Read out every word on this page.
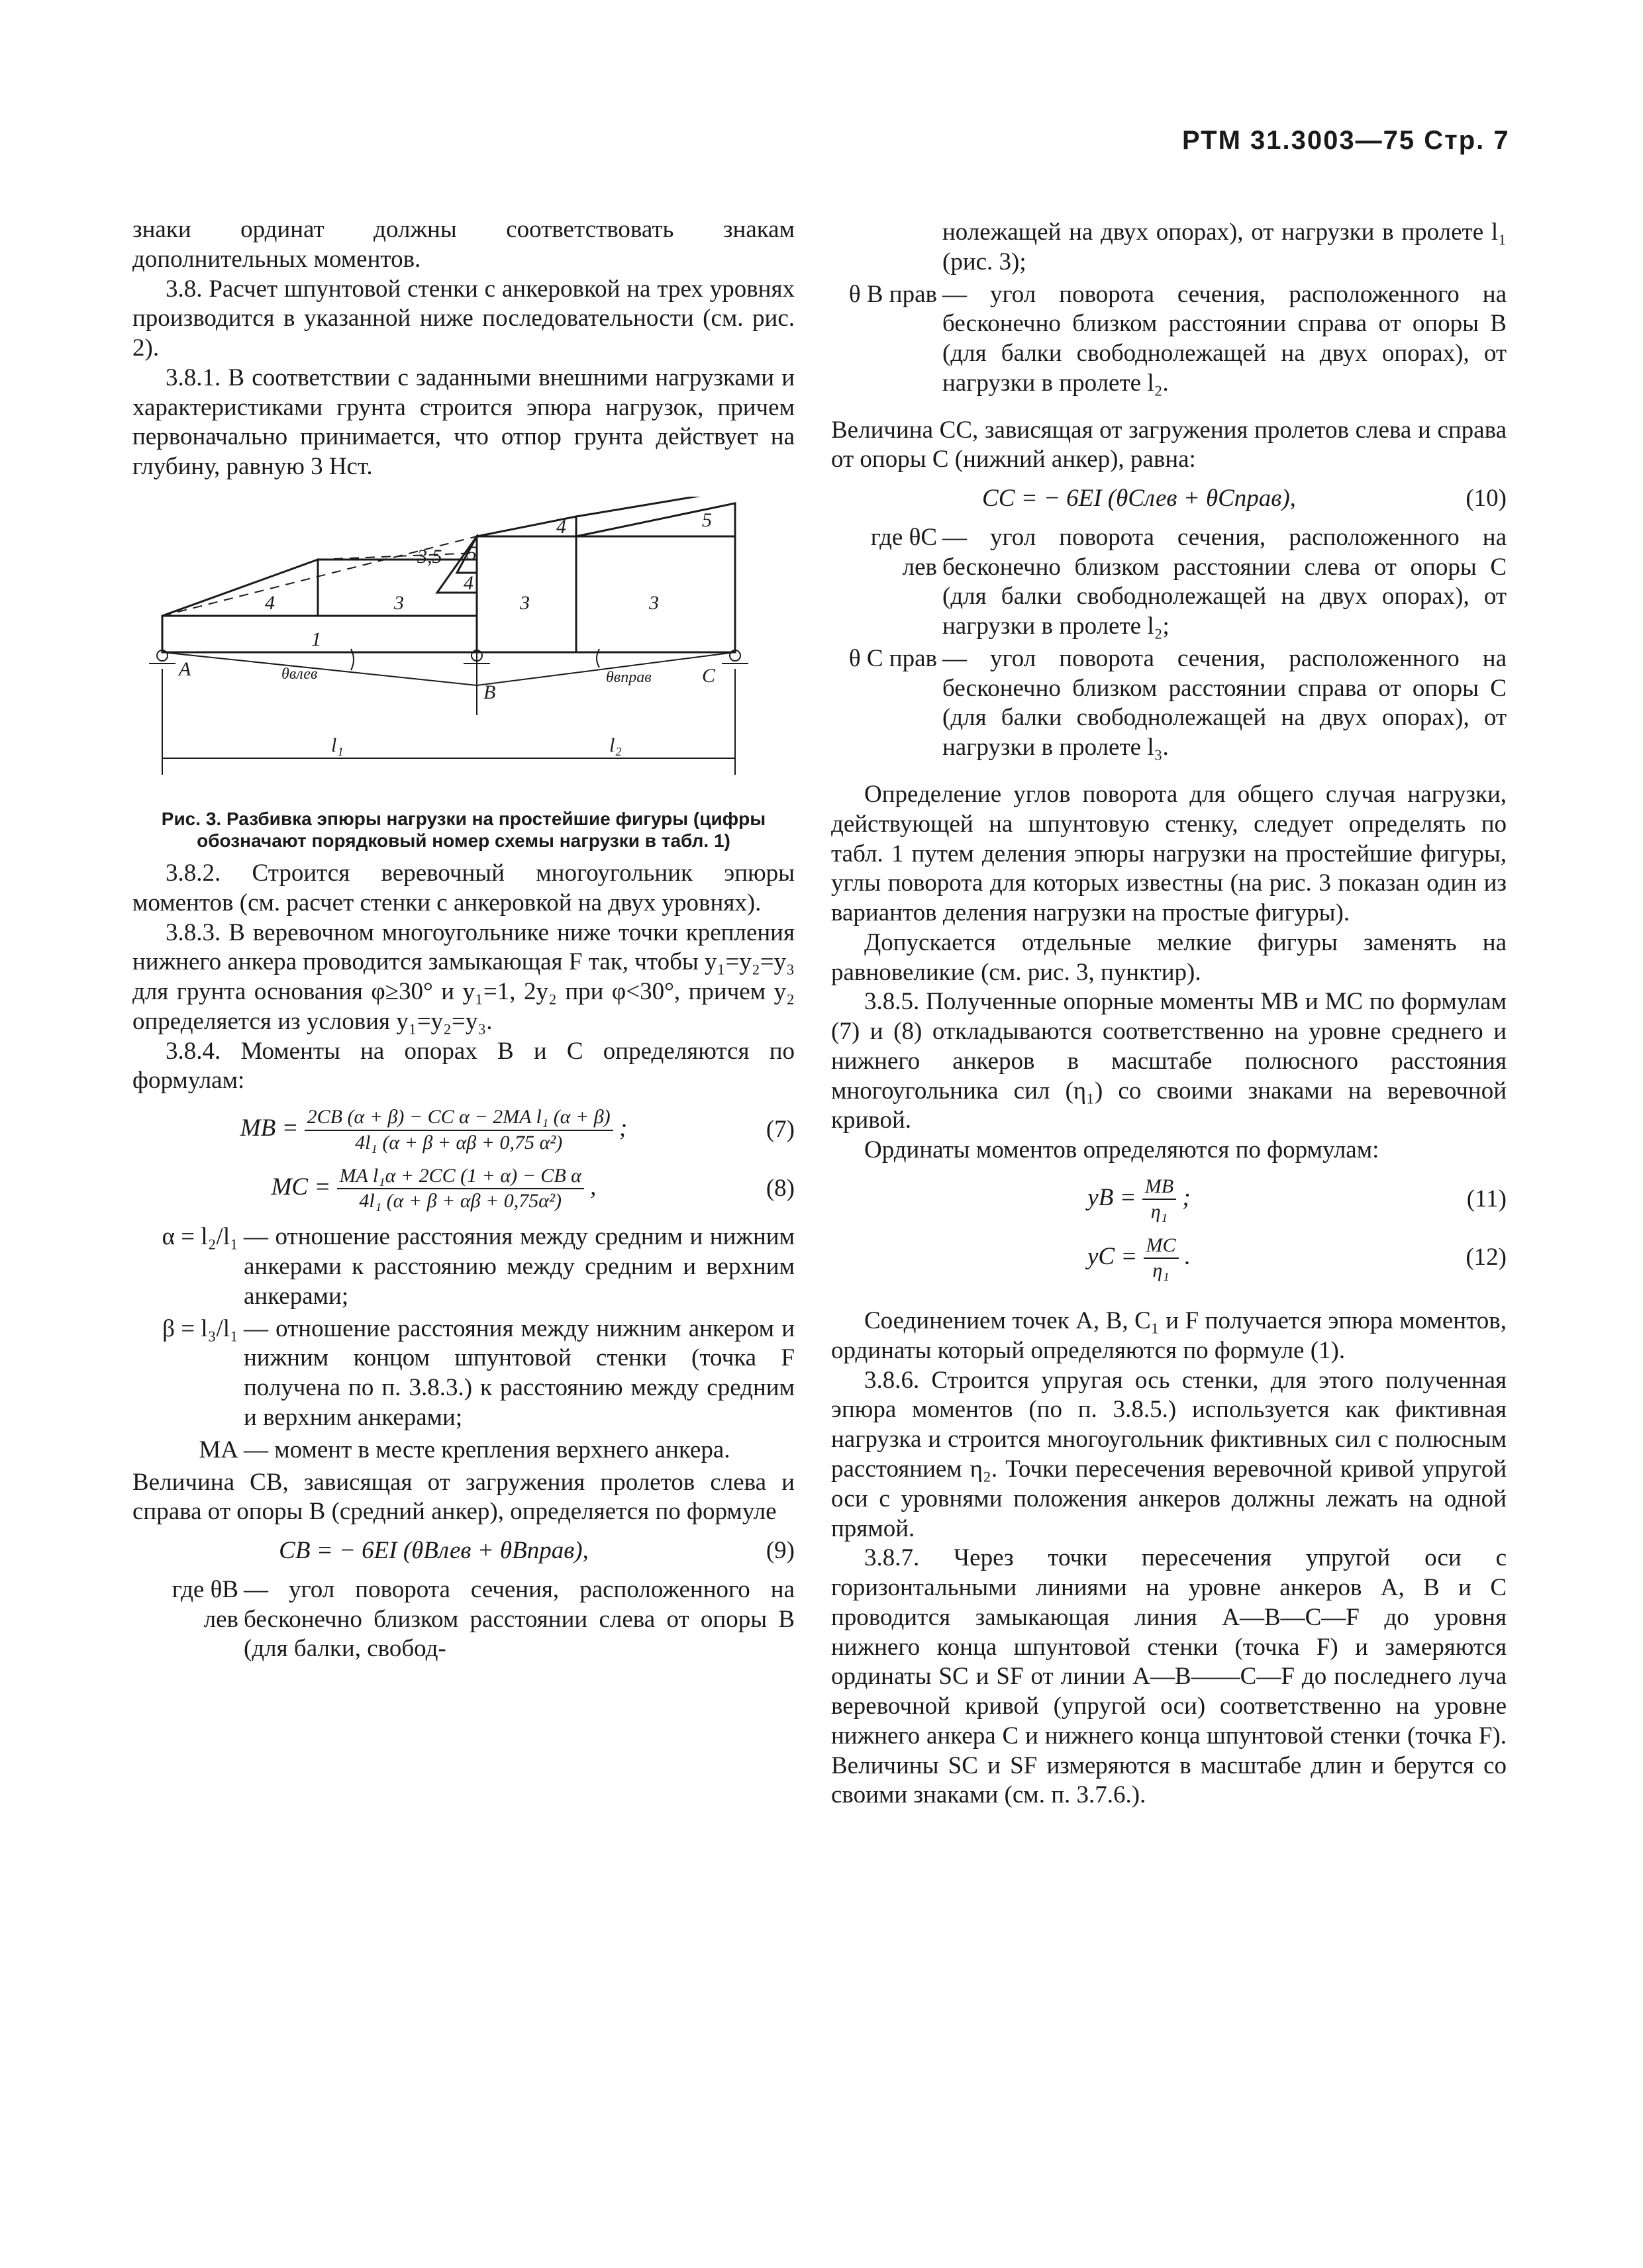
РТМ 31.3003—75 Стр. 7

знаки ординат должны соответствовать знакам дополнительных моментов.

3.8. Расчет шпунтовой стенки с анкеровкой на трех уровнях производится в указанной ниже последовательности (см. рис. 2).

3.8.1. В соответствии с заданными внешними нагрузками и характеристиками грунта строится эпюра нагрузок, причем первоначально принимается, что отпор грунта действует на глубину, равную 3 Hст.

1
4	3	3	3
4	5
3,5
4
5
A
B
C
θвлев	θвправ
l₁	l₂
Рис. 3. Разбивка эпюры нагрузки на простейшие фигуры (цифры обозначают порядковый номер схемы нагрузки в табл. 1)

3.8.2. Строится веревочный многоугольник эпюры моментов (см. расчет стенки с анкеровкой на двух уровнях).

3.8.3. В веревочном многоугольнике ниже точки крепления нижнего анкера проводится замыкающая F так, чтобы y₁=y₂=y₃ для грунта основания φ≥30° и y₁=1, 2y₂ при φ<30°, причем y₂ определяется из условия y₁=y₂=y₃.

3.8.4. Моменты на опорах B и C определяются по формулам:

MB = $\frac{\text{2CB (α + β) − CC α − 2MA l₁ (α + β)}}{\text{4l₁ (α + β + αβ + 0,75 α²)}}$ ;	(7)
MC = $\frac{\text{MA l₁α + 2CC (1 + α) − CB α}}{\text{4l₁ (α + β + αβ + 0,75α²)}}$ ,	(8)
α = l₂/l₁ — отношение расстояния между средним и нижним анкерами к расстоянию между средним и верхним анкерами;
β = l₃/l₁ — отношение расстояния между нижним анкером и нижним концом шпунтовой стенки (точка F получена по п. 3.8.3.) к расстоянию между средним и верхним анкерами;
MA — момент в месте крепления верхнего анкера.

Величина CB, зависящая от загружения пролетов слева и справа от опоры B (средний анкер), определяется по формуле

CB = − 6EI (θBлев + θBправ),	(9)
где θB лев
— угол поворота сечения, расположенного на бесконечно близком расстоянии слева от опоры B (для балки, свобод-
нолежащей на двух опорах), от нагрузки в пролете l₁ (рис. 3);
θ B прав — угол поворота сечения, расположенного на бесконечно близком расстоянии справа от опоры B (для балки свободнолежащей на двух опорах), от нагрузки в пролете l₂.

Величина CC, зависящая от загружения пролетов слева и справа от опоры C (нижний анкер), равна:

CC = − 6EI (θCлев + θCправ),	(10)
где θC лев
— угол поворота сечения, расположенного на бесконечно близком расстоянии слева от опоры C (для балки свободнолежащей на двух опорах), от нагрузки в пролете l₂;
θ C прав — угол поворота сечения, расположенного на бесконечно близком расстоянии справа от опоры C (для балки свободнолежащей на двух опорах), от нагрузки в пролете l₃.

Определение углов поворота для общего случая нагрузки, действующей на шпунтовую стенку, следует определять по табл. 1 путем деления эпюры нагрузки на простейшие фигуры, углы поворота для которых известны (на рис. 3 показан один из вариантов деления нагрузки на простые фигуры).

Допускается отдельные мелкие фигуры заменять на равновеликие (см. рис. 3, пунктир).

3.8.5. Полученные опорные моменты MB и MC по формулам (7) и (8) откладываются соответственно на уровне среднего и нижнего анкеров в масштабе полюсного расстояния многоугольника сил (η₁) со своими знаками на веревочной кривой.

Ординаты моментов определяются по формулам:

yB = $\frac{MB}{\text{η₁}}$ ;	(11)
yC = $\frac{MC}{\text{η₁}}$ .	(12)

Соединением точек A, B, C₁ и F получается эпюра моментов, ординаты который определяются по формуле (1).

3.8.6. Строится упругая ось стенки, для этого полученная эпюра моментов (по п. 3.8.5.) используется как фиктивная нагрузка и строится многоугольник фиктивных сил с полюсным расстоянием η₂. Точки пересечения веревочной кривой упругой оси с уровнями положения анкеров должны лежать на одной прямой.

3.8.7. Через точки пересечения упругой оси с горизонтальными линиями на уровне анкеров A, B и C проводится замыкающая линия A—B—C—F до уровня нижнего конца шпунтовой стенки (точка F) и замеряются ординаты SC и SF от линии A—B——C—F до последнего луча веревочной кривой (упругой оси) соответственно на уровне нижнего анкера C и нижнего конца шпунтовой стенки (точка F). Величины SC и SF измеряются в масштабе длин и берутся со своими знаками (см. п. 3.7.6.).
